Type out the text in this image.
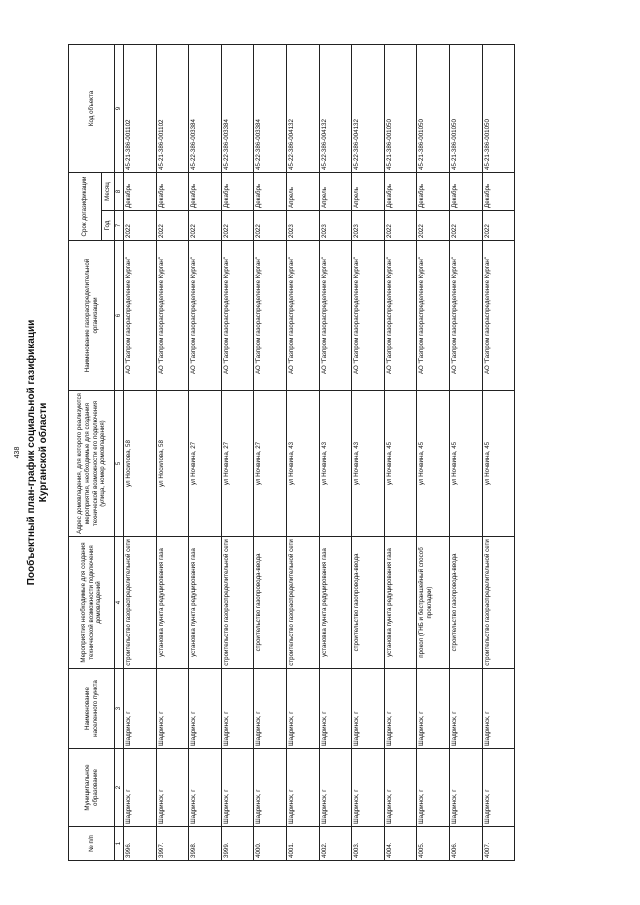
438 Пообъектный план-график социальной газификации Курганской области
№ п/п	Муниципальное образование	Наименование населенного пункта	Мероприятия необходимые для создания технической возможности подключения домовладений	Адрес домовладения, для которого реализуются мероприятия, необходимые для создания технической возможности его подключения (улица, номер домовладения)	Наименование газораспределительной организации	Срок догазификации		Код объекта
						Год	Месяц	
1	2	3	4	5	6	7	8	9
3996.	Шадринск, г	Шадринск, г	строительство газораспределительной сети	ул Носилова, 58	АО "Газпром газораспределение Курган"	2022	Декабрь	45-21-386-001102
3997.	Шадринск, г	Шадринск, г	установка пункта редуцирования газа	ул Носилова, 58	АО "Газпром газораспределение Курган"	2022	Декабрь	45-21-386-001102
3998.	Шадринск, г	Шадринск, г	установка пункта редуцирования газа	ул Ночвина, 27	АО "Газпром газораспределение Курган"	2022	Декабрь	45-22-386-003384
3999.	Шадринск, г	Шадринск, г	строительство газораспределительной сети	ул Ночвина, 27	АО "Газпром газораспределение Курган"	2022	Декабрь	45-22-386-003384
4000.	Шадринск, г	Шадринск, г	строительство газопровода-ввода	ул Ночвина, 27	АО "Газпром газораспределение Курган"	2022	Декабрь	45-22-386-003384
4001.	Шадринск, г	Шадринск, г	строительство газораспределительной сети	ул Ночвина, 43	АО "Газпром газораспределение Курган"	2023	Апрель	45-22-386-004132
4002.	Шадринск, г	Шадринск, г	установка пункта редуцирования газа	ул Ночвина, 43	АО "Газпром газораспределение Курган"	2023	Апрель	45-22-386-004132
4003.	Шадринск, г	Шадринск, г	строительство газопровода-ввода	ул Ночвина, 43	АО "Газпром газораспределение Курган"	2023	Апрель	45-22-386-004132
4004.	Шадринск, г	Шадринск, г	установка пункта редуцирования газа	ул Ночвина, 45	АО "Газпром газораспределение Курган"	2022	Декабрь	45-21-386-001050
4005.	Шадринск, г	Шадринск, г	прокол (ГНБ и бестраншейный способ прокладки)	ул Ночвина, 45	АО "Газпром газораспределение Курган"	2022	Декабрь	45-21-386-001050
4006.	Шадринск, г	Шадринск, г	строительство газопровода-ввода	ул Ночвина, 45	АО "Газпром газораспределение Курган"	2022	Декабрь	45-21-386-001050
4007.	Шадринск, г	Шадринск, г	строительство газораспределительной сети	ул Ночвина, 45	АО "Газпром газораспределение Курган"	2022	Декабрь	45-21-386-001050
